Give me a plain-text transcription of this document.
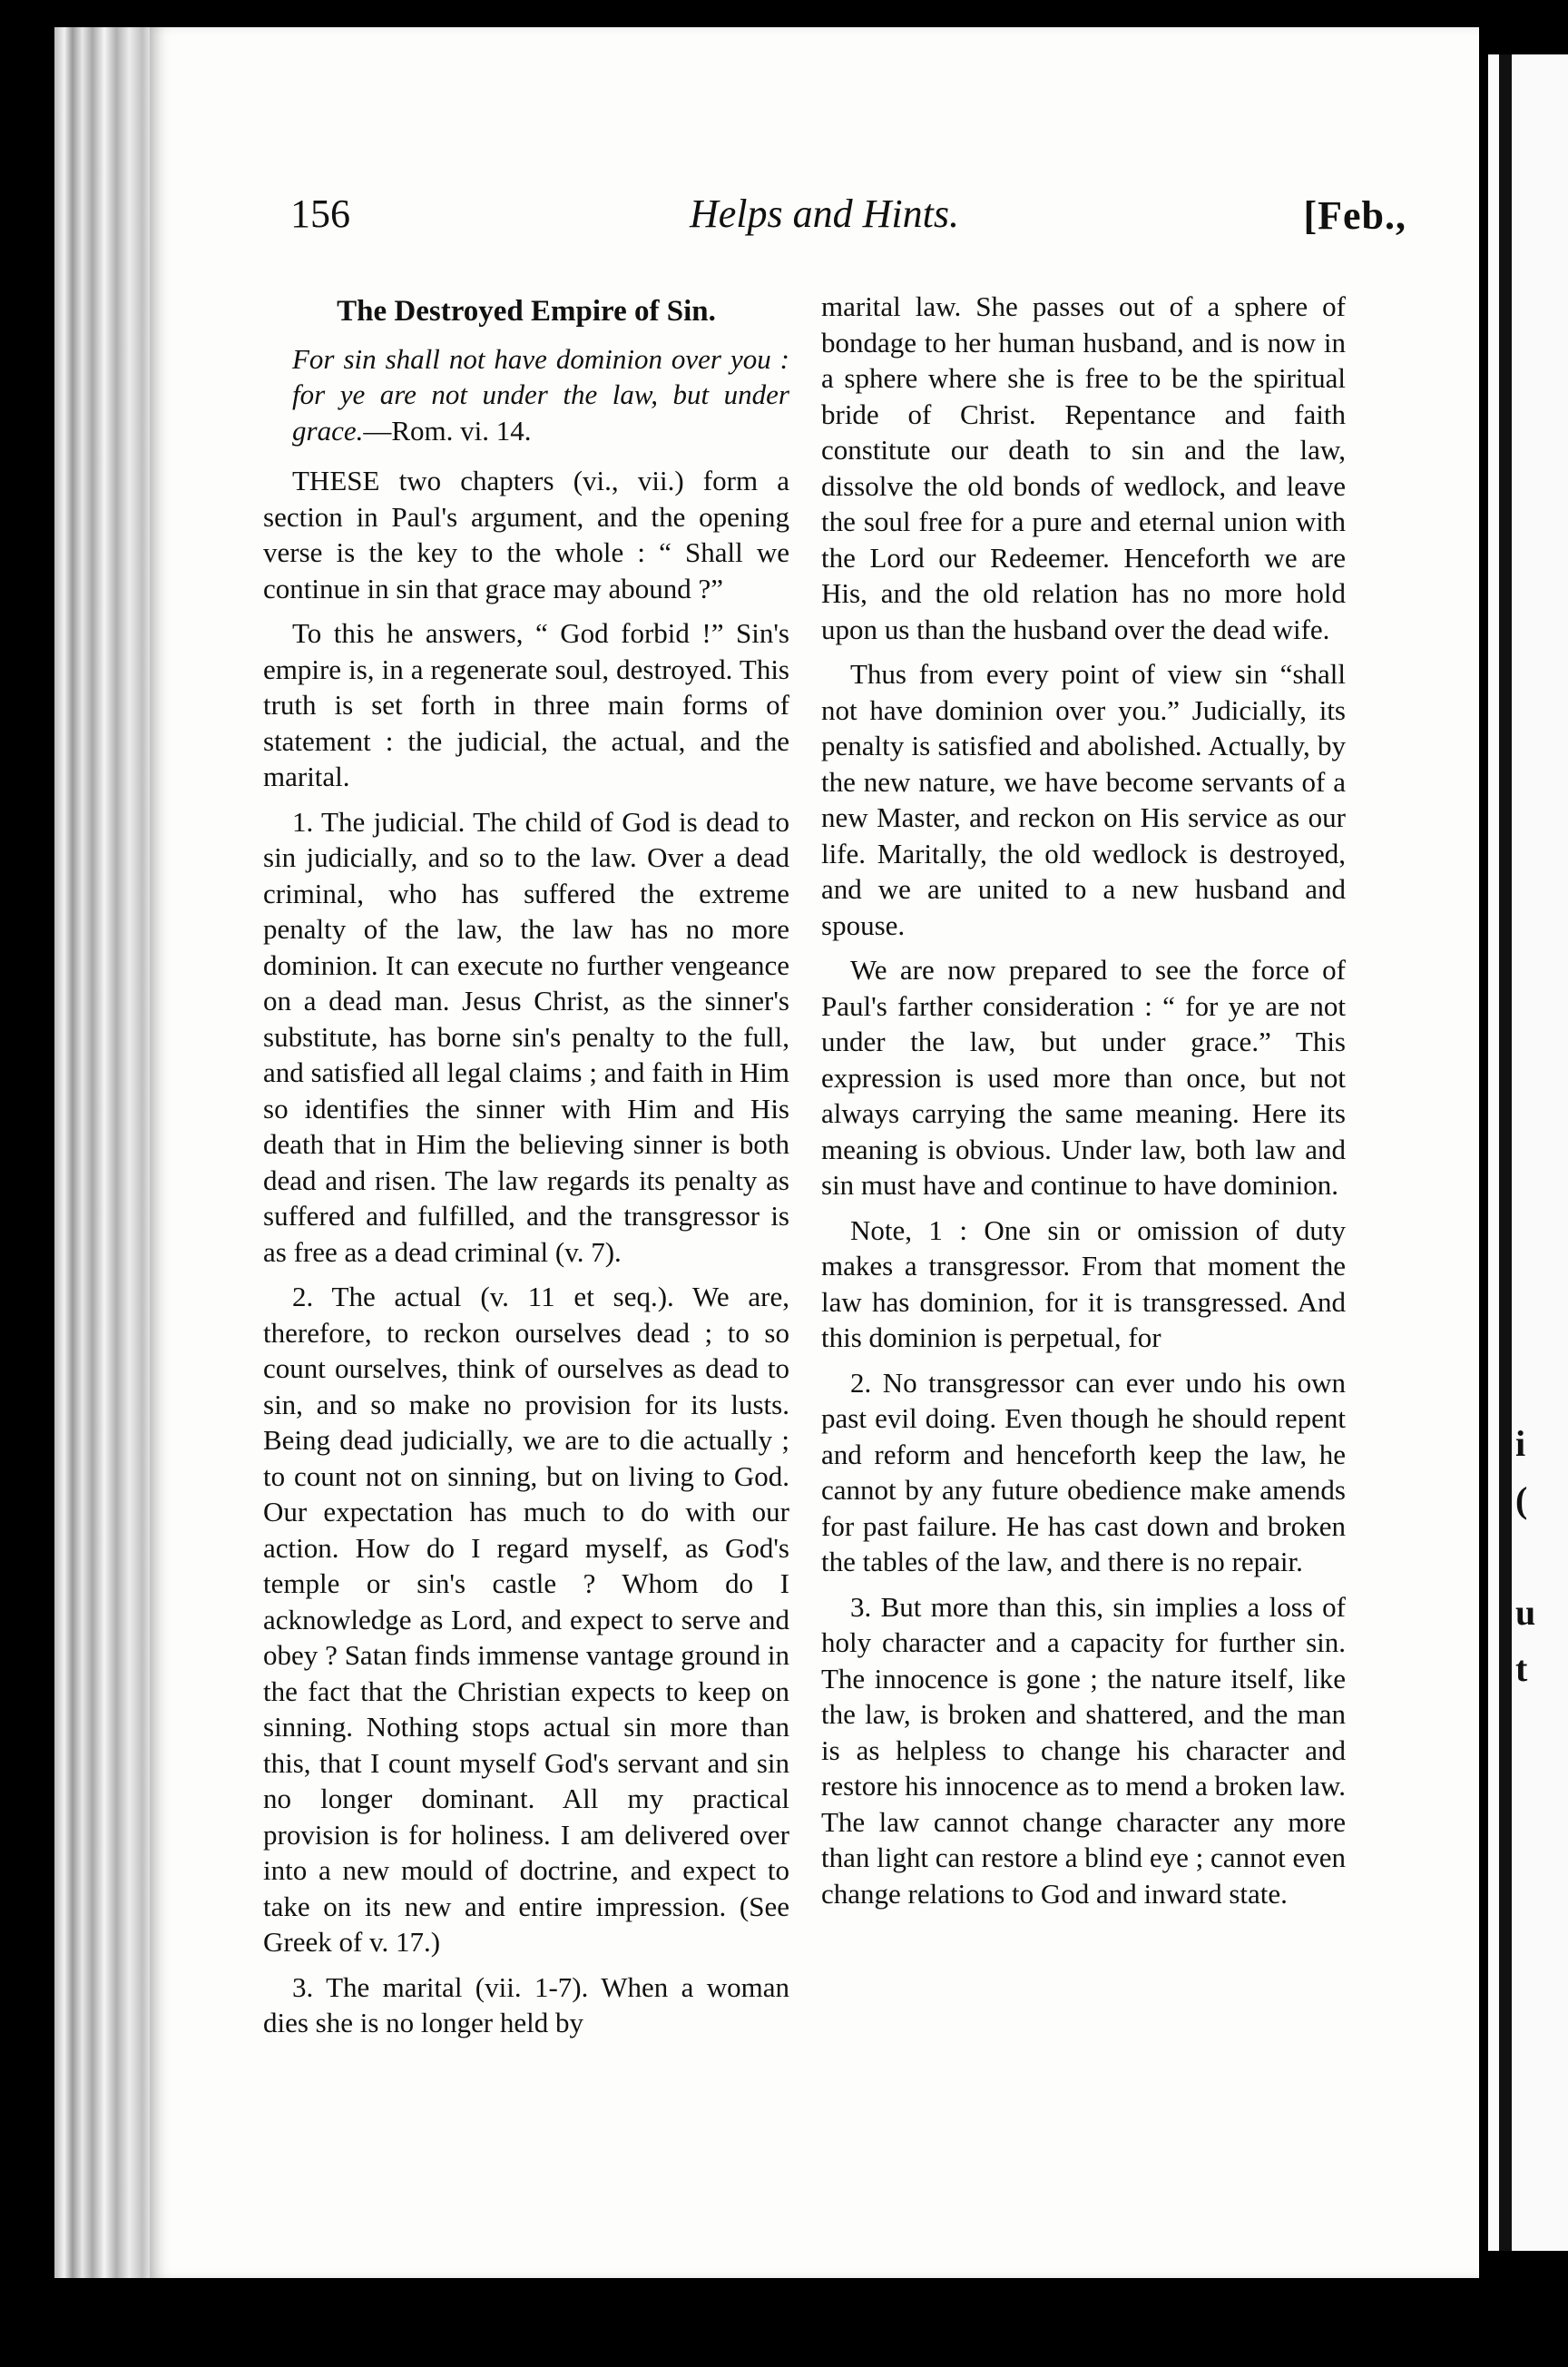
i
(
u
t
156	Helps and Hints.	[Feb.,
The Destroyed Empire of Sin.
For sin shall not have dominion over you : for ye are not under the law, but under grace.—Rom. vi. 14.

THESE two chapters (vi., vii.) form a section in Paul's argument, and the opening verse is the key to the whole : “ Shall we continue in sin that grace may abound ?”

To this he answers, “ God forbid !” Sin's empire is, in a regenerate soul, destroyed. This truth is set forth in three main forms of statement : the judicial, the actual, and the marital.

1. The judicial. The child of God is dead to sin judicially, and so to the law. Over a dead criminal, who has suffered the extreme penalty of the law, the law has no more dominion. It can execute no further vengeance on a dead man. Jesus Christ, as the sinner's substitute, has borne sin's penalty to the full, and satisfied all legal claims ; and faith in Him so identifies the sinner with Him and His death that in Him the believing sinner is both dead and risen. The law regards its penalty as suffered and fulfilled, and the transgressor is as free as a dead criminal (v. 7).

2. The actual (v. 11 et seq.). We are, therefore, to reckon ourselves dead ; to so count ourselves, think of ourselves as dead to sin, and so make no provision for its lusts. Being dead judicially, we are to die actually ; to count not on sinning, but on living to God. Our expectation has much to do with our action. How do I regard myself, as God's temple or sin's castle ? Whom do I acknowledge as Lord, and expect to serve and obey ? Satan finds immense vantage ground in the fact that the Christian expects to keep on sinning. Nothing stops actual sin more than this, that I count myself God's servant and sin no longer dominant. All my practical provision is for holiness. I am delivered over into a new mould of doctrine, and expect to take on its new and entire impression. (See Greek of v. 17.)

3. The marital (vii. 1-7). When a woman dies she is no longer held by

marital law. She passes out of a sphere of bondage to her human husband, and is now in a sphere where she is free to be the spiritual bride of Christ. Repentance and faith constitute our death to sin and the law, dissolve the old bonds of wedlock, and leave the soul free for a pure and eternal union with the Lord our Redeemer. Henceforth we are His, and the old relation has no more hold upon us than the husband over the dead wife.

Thus from every point of view sin “shall not have dominion over you.” Judicially, its penalty is satisfied and abolished. Actually, by the new nature, we have become servants of a new Master, and reckon on His service as our life. Maritally, the old wedlock is destroyed, and we are united to a new husband and spouse.

We are now prepared to see the force of Paul's farther consideration : “ for ye are not under the law, but under grace.” This expression is used more than once, but not always carrying the same meaning. Here its meaning is obvious. Under law, both law and sin must have and continue to have dominion.

Note, 1 : One sin or omission of duty makes a transgressor. From that moment the law has dominion, for it is transgressed. And this dominion is perpetual, for

2. No transgressor can ever undo his own past evil doing. Even though he should repent and reform and henceforth keep the law, he cannot by any future obedience make amends for past failure. He has cast down and broken the tables of the law, and there is no repair.

3. But more than this, sin implies a loss of holy character and a capacity for further sin. The innocence is gone ; the nature itself, like the law, is broken and shattered, and the man is as helpless to change his character and restore his innocence as to mend a broken law. The law cannot change character any more than light can restore a blind eye ; cannot even change relations to God and inward state.
